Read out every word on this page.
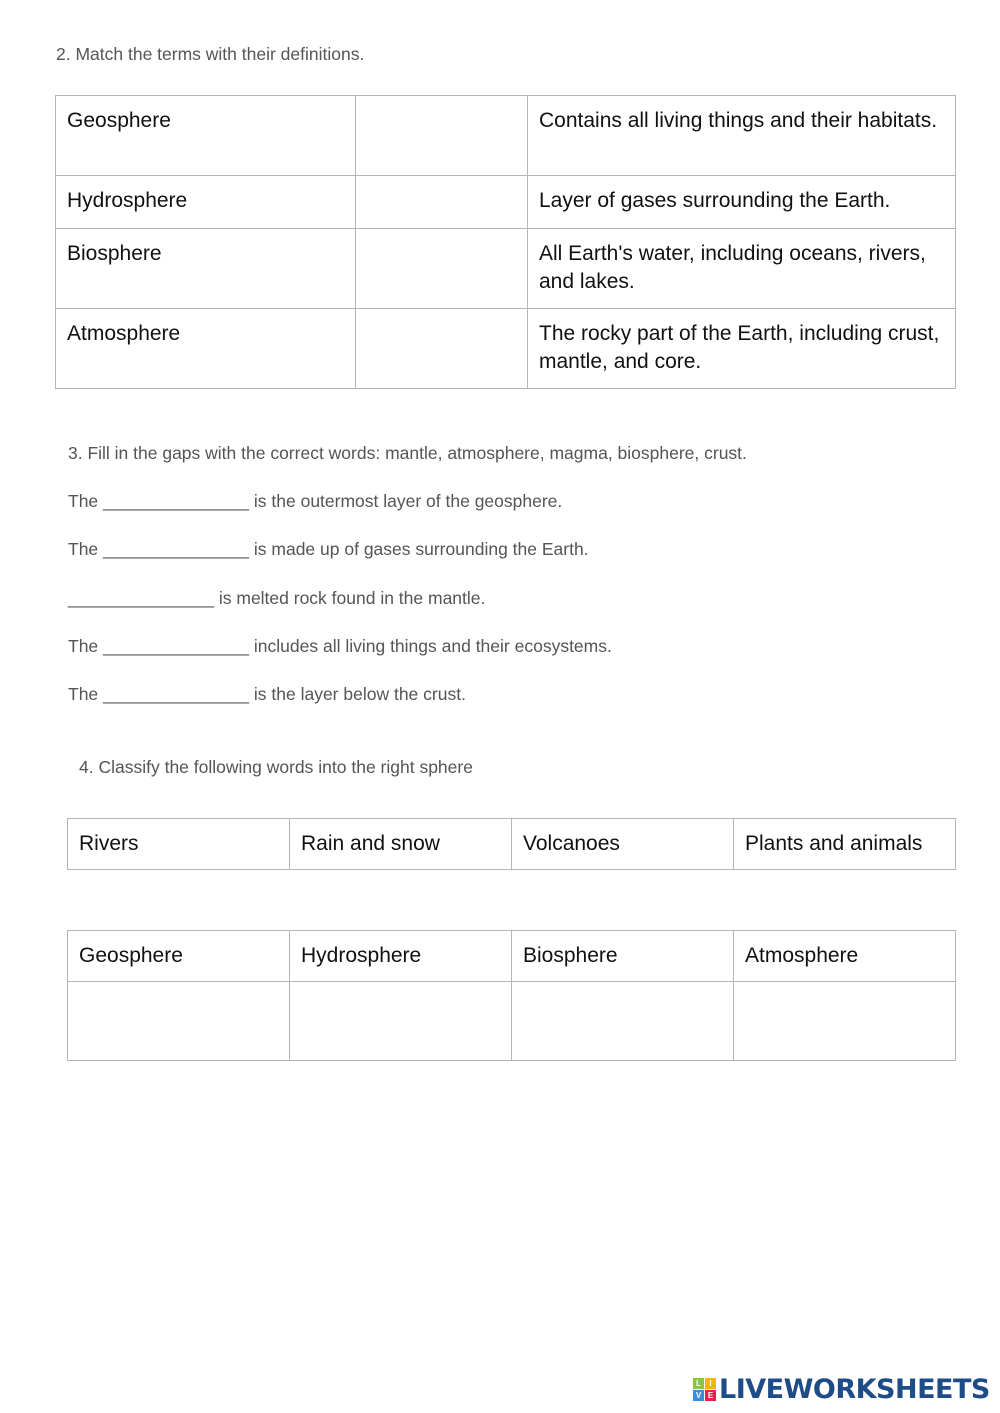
2. Match the terms with their definitions.
Geosphere		Contains all living things and their habitats.
Hydrosphere		Layer of gases surrounding the Earth.
Biosphere		All Earth's water, including oceans, rivers, and lakes.
Atmosphere		The rocky part of the Earth, including crust, mantle, and core.
3. Fill in the gaps with the correct words: mantle, atmosphere, magma, biosphere, crust.
The _______________ is the outermost layer of the geosphere.
The _______________ is made up of gases surrounding the Earth.
_______________ is melted rock found in the mantle.
The _______________ includes all living things and their ecosystems.
The _______________ is the layer below the crust.
4. Classify the following words into the right sphere
Rivers	Rain and snow	Volcanoes	Plants and animals
Geosphere	Hydrosphere	Biosphere	Atmosphere

L	I
V E LIVEWORKSHEETS
